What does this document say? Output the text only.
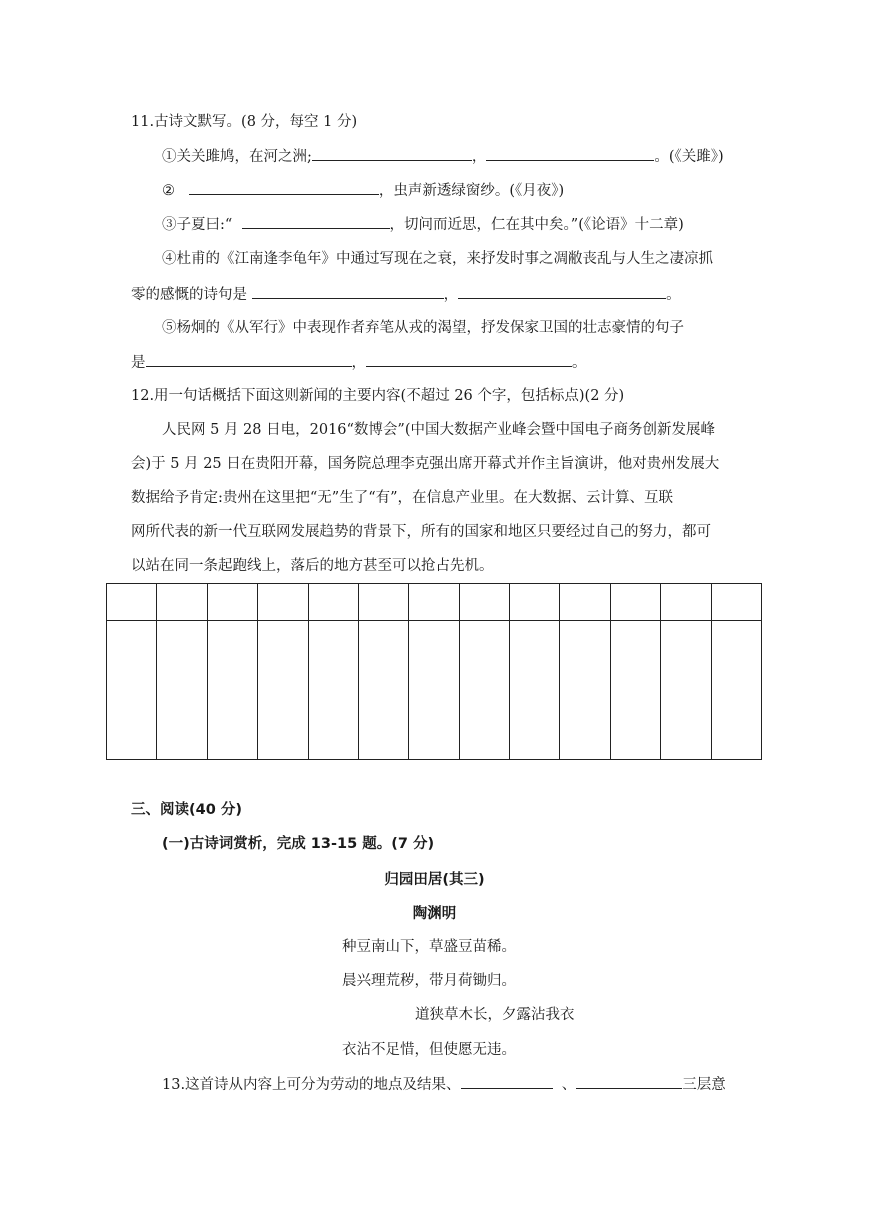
11.古诗文默写。(8 分，每空 1 分)
①关关雎鸠，在河之洲;	，	。(《关雎》)
②	，虫声新透绿窗纱。(《月夜》)
③子夏曰:“	，切问而近思，仁在其中矣。”(《论语》十二章)
④杜甫的《江南逢李龟年》中通过写现在之衰，来抒发时事之凋敝丧乱与人生之凄凉抓
零的感慨的诗句是	，	。
⑤杨炯的《从军行》中表现作者弃笔从戎的渴望，抒发保家卫国的壮志豪情的句子
是	，	。
12.用一句话概括下面这则新闻的主要内容(不超过 26 个字，包括标点)(2 分)
人民网 5 月 28 日电，2016“数博会”(中国大数据产业峰会暨中国电子商务创新发展峰
会)于 5 月 25 日在贵阳开幕，国务院总理李克强出席开幕式并作主旨演讲，他对贵州发展大
数据给予肯定:贵州在这里把“无”生了“有”，在信息产业里。在大数据、云计算、互联
网所代表的新一代互联网发展趋势的背景下，所有的国家和地区只要经过自己的努力，都可
以站在同一条起跑线上，落后的地方甚至可以抢占先机。

三、阅读(40 分)
(一)古诗词赏析，完成 13-15 题。(7 分)
归园田居(其三)
陶渊明
种豆南山下，草盛豆苗稀。
晨兴理荒秽，带月荷锄归。
道狭草木长，夕露沾我衣
衣沾不足惜，但使愿无违。
13.这首诗从内容上可分为劳动的地点及结果、	、	三层意
